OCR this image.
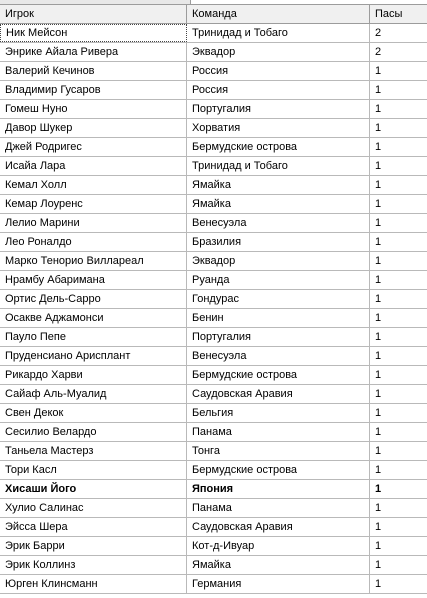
Игрок	Команда	Пасы
Ник Мейсон	Тринидад и Тобаго	2
Энрике Айала Ривера	Эквадор	2
Валерий Кечинов	Россия	1
Владимир Гусаров	Россия	1
Гомеш Нуно	Португалия	1
Давор Шукер	Хорватия	1
Джей Родригес	Бермудские острова	1
Исайа Лара	Тринидад и Тобаго	1
Кемал Холл	Ямайка	1
Кемар Лоуренс	Ямайка	1
Лелио Марини	Венесуэла	1
Лео Роналдо	Бразилия	1
Марко Тенорио Виллареал	Эквадор	1
Нрамбу Абаримана	Руанда	1
Ортис Дель-Сарро	Гондурас	1
Осакве Аджамонси	Бенин	1
Пауло Пепе	Португалия	1
Пруденсиано Арисплант	Венесуэла	1
Рикардо Харви	Бермудские острова	1
Сайаф Аль-Муалид	Саудовская Аравия	1
Свен Декок	Бельгия	1
Сесилио Велардо	Панама	1
Таньела Мастерз	Тонга	1
Тори Касл	Бермудские острова	1
Хисаши Його	Япония	1
Хулио Салинас	Панама	1
Эйсса Шера	Саудовская Аравия	1
Эрик Барри	Кот-д-Ивуар	1
Эрик Коллинз	Ямайка	1
Юрген Клинсманн	Германия	1
